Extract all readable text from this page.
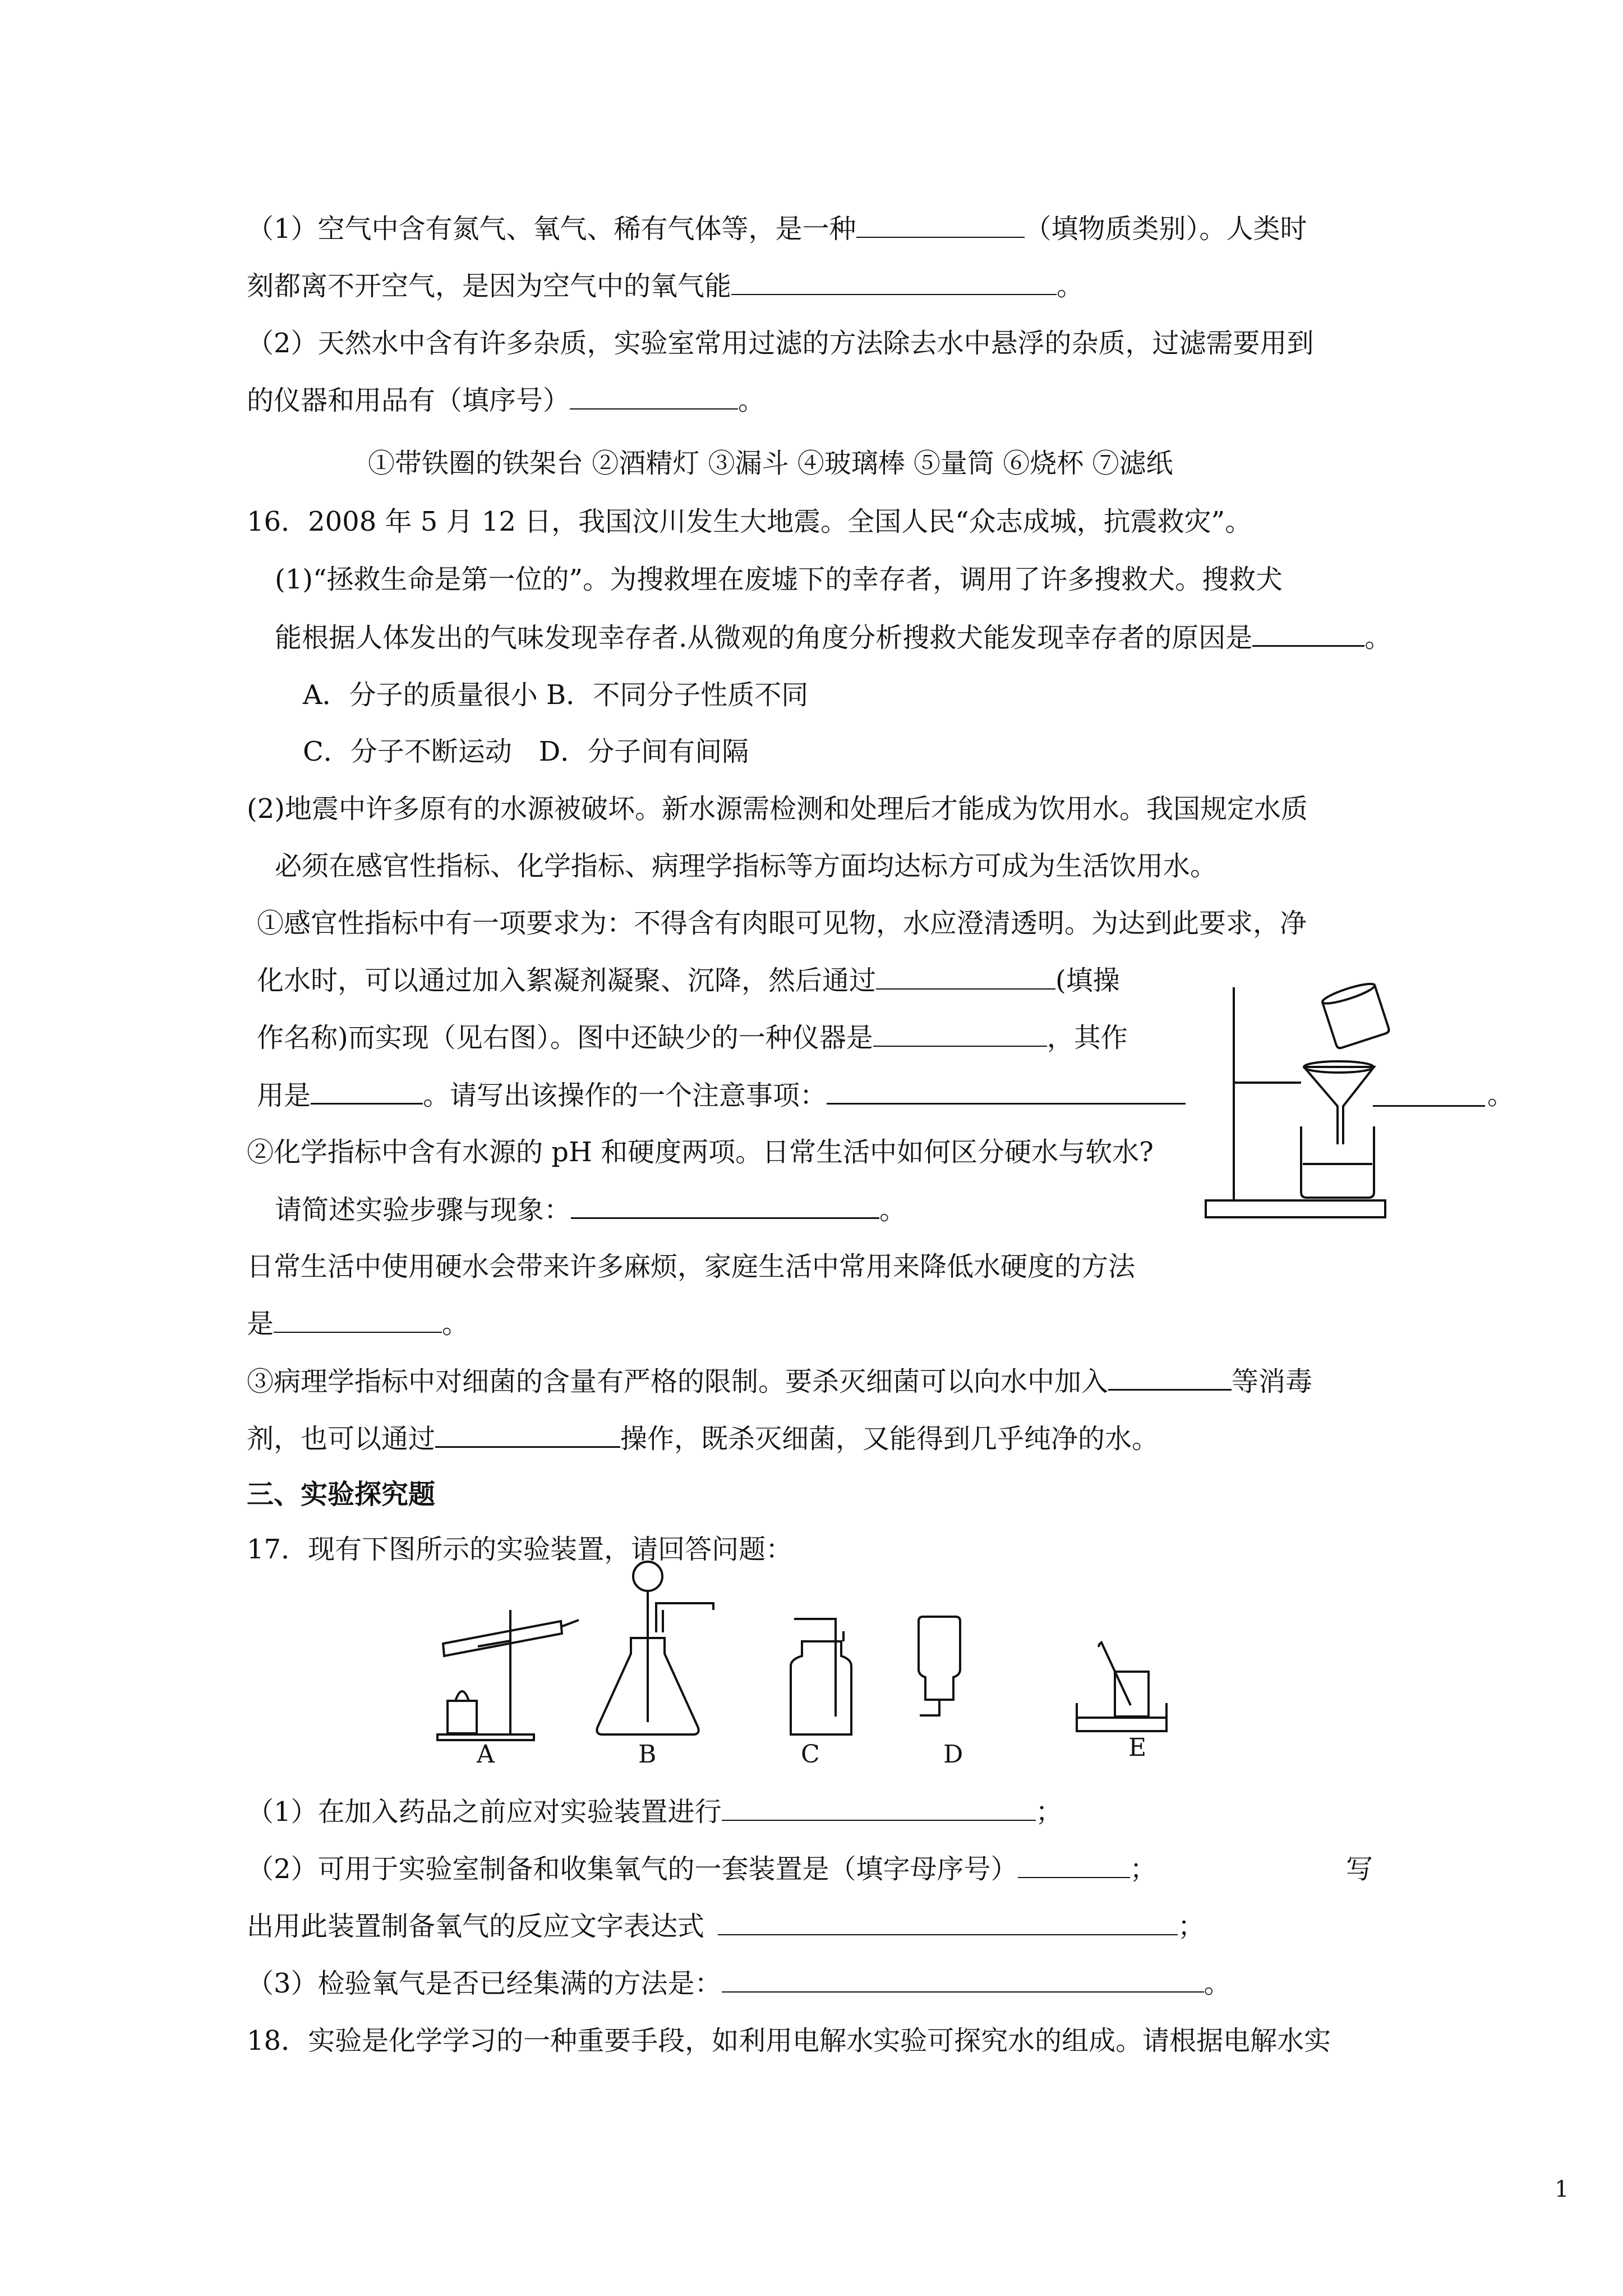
（1）空气中含有氮气、氧气、稀有气体等，是一种	（填物质类别）。人类时
刻都离不开空气，是因为空气中的氧气能	。
（2）天然水中含有许多杂质，实验室常用过滤的方法除去水中悬浮的杂质，过滤需要用到
的仪器和用品有（填序号）	。
①带铁圈的铁架台 ②酒精灯 ③漏斗 ④玻璃棒 ⑤量筒 ⑥烧杯 ⑦滤纸
16．2008 年 5 月 12 日，我国汶川发生大地震。全国人民“众志成城，抗震救灾”。
(1)“拯救生命是第一位的”。为搜救埋在废墟下的幸存者，调用了许多搜救犬。搜救犬
能根据人体发出的气味发现幸存者.从微观的角度分析搜救犬能发现幸存者的原因是	。
A．分子的质量很小 B．不同分子性质不同
C．分子不断运动　D．分子间有间隔
(2)地震中许多原有的水源被破坏。新水源需检测和处理后才能成为饮用水。我国规定水质
必须在感官性指标、化学指标、病理学指标等方面均达标方可成为生活饮用水。
①感官性指标中有一项要求为：不得含有肉眼可见物，水应澄清透明。为达到此要求，净
化水时，可以通过加入絮凝剂凝聚、沉降，然后通过	(填操
作名称)而实现（见右图）。图中还缺少的一种仪器是	，其作
用是	。请写出该操作的一个注意事项：	。
②化学指标中含有水源的 pH 和硬度两项。日常生活中如何区分硬水与软水?
请简述实验步骤与现象：	。
日常生活中使用硬水会带来许多麻烦，家庭生活中常用来降低水硬度的方法
是	。
③病理学指标中对细菌的含量有严格的限制。要杀灭细菌可以向水中加入	等消毒
剂，也可以通过	操作，既杀灭细菌，又能得到几乎纯净的水。
三、实验探究题
17．现有下图所示的实验装置，请回答问题：
A	B	C	D	E
（1）在加入药品之前应对实验装置进行	；
（2）可用于实验室制备和收集氧气的一套装置是（填字母序号）	；	写
出用此装置制备氧气的反应文字表达式	；
（3）检验氧气是否已经集满的方法是：	。
18．实验是化学学习的一种重要手段，如利用电解水实验可探究水的组成。请根据电解水实
1
